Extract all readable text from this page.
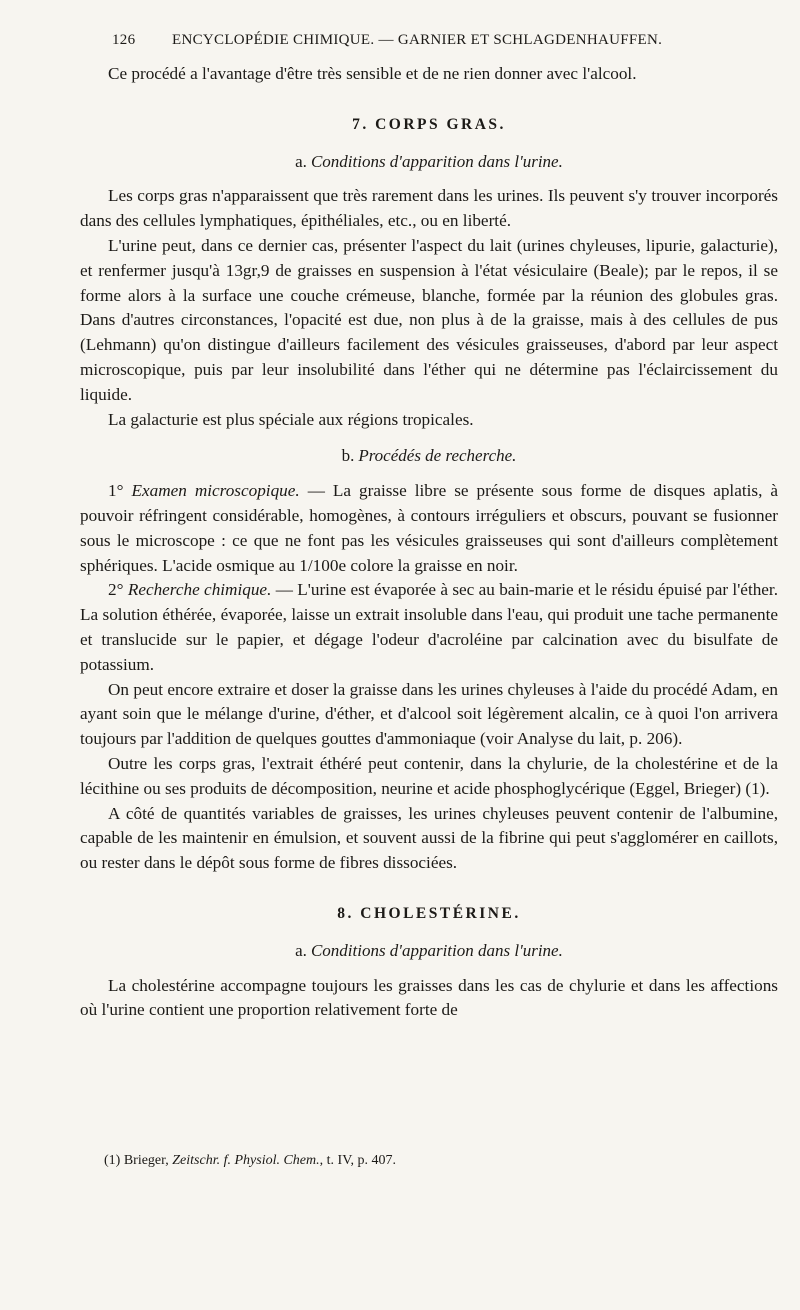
126 ENCYCLOPÉDIE CHIMIQUE. — GARNIER ET SCHLAGDENHAUFFEN.

Ce procédé a l'avantage d'être très sensible et de ne rien donner avec l'alcool.

7. CORPS GRAS.
a. Conditions d'apparition dans l'urine.

Les corps gras n'apparaissent que très rarement dans les urines. Ils peuvent s'y trouver incorporés dans des cellules lymphatiques, épithéliales, etc., ou en liberté.

L'urine peut, dans ce dernier cas, présenter l'aspect du lait (urines chyleuses, lipurie, galacturie), et renfermer jusqu'à 13gr,9 de graisses en suspension à l'état vésiculaire (Beale); par le repos, il se forme alors à la surface une couche crémeuse, blanche, formée par la réunion des globules gras. Dans d'autres circonstances, l'opacité est due, non plus à de la graisse, mais à des cellules de pus (Lehmann) qu'on distingue d'ailleurs facilement des vésicules graisseuses, d'abord par leur aspect microscopique, puis par leur insolubilité dans l'éther qui ne détermine pas l'éclaircissement du liquide.

La galacturie est plus spéciale aux régions tropicales.

b. Procédés de recherche.

1° Examen microscopique. — La graisse libre se présente sous forme de disques aplatis, à pouvoir réfringent considérable, homogènes, à contours irréguliers et obscurs, pouvant se fusionner sous le microscope : ce que ne font pas les vésicules graisseuses qui sont d'ailleurs complètement sphériques. L'acide osmique au 1/100e colore la graisse en noir.

2° Recherche chimique. — L'urine est évaporée à sec au bain-marie et le résidu épuisé par l'éther. La solution éthérée, évaporée, laisse un extrait insoluble dans l'eau, qui produit une tache permanente et translucide sur le papier, et dégage l'odeur d'acroléine par calcination avec du bisulfate de potassium.

On peut encore extraire et doser la graisse dans les urines chyleuses à l'aide du procédé Adam, en ayant soin que le mélange d'urine, d'éther, et d'alcool soit légèrement alcalin, ce à quoi l'on arrivera toujours par l'addition de quelques gouttes d'ammoniaque (voir Analyse du lait, p. 206).

Outre les corps gras, l'extrait éthéré peut contenir, dans la chylurie, de la cholestérine et de la lécithine ou ses produits de décomposition, neurine et acide phosphoglycérique (Eggel, Brieger) (1).

A côté de quantités variables de graisses, les urines chyleuses peuvent contenir de l'albumine, capable de les maintenir en émulsion, et souvent aussi de la fibrine qui peut s'agglomérer en caillots, ou rester dans le dépôt sous forme de fibres dissociées.

8. CHOLESTÉRINE.
a. Conditions d'apparition dans l'urine.

La cholestérine accompagne toujours les graisses dans les cas de chylurie et dans les affections où l'urine contient une proportion relativement forte de

(1) Brieger, Zeitschr. f. Physiol. Chem., t. IV, p. 407.
